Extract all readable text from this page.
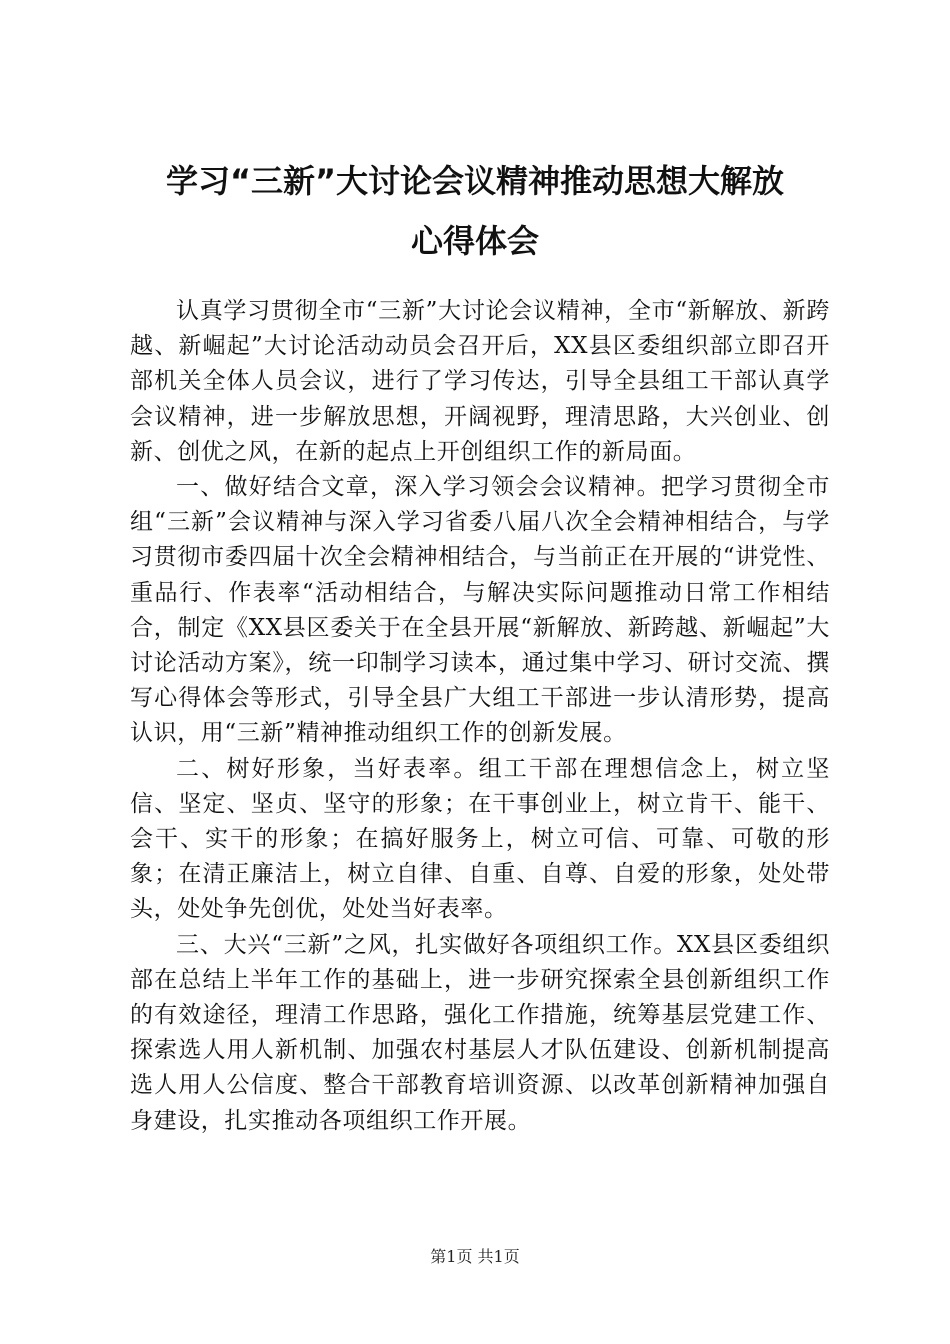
学习“三新”大讨论会议精神推动思想大解放
心得体会

认真学习贯彻全市“三新”大讨论会议精神，全市“新解放、新跨越、新崛起”大讨论活动动员会召开后，XX县区委组织部立即召开部机关全体人员会议，进行了学习传达，引导全县组工干部认真学会议精神，进一步解放思想，开阔视野，理清思路，大兴创业、创新、创优之风，在新的起点上开创组织工作的新局面。

一、做好结合文章，深入学习领会会议精神。把学习贯彻全市组“三新”会议精神与深入学习省委八届八次全会精神相结合，与学习贯彻市委四届十次全会精神相结合，与当前正在开展的“讲党性、重品行、作表率“活动相结合，与解决实际问题推动日常工作相结合，制定《XX县区委关于在全县开展“新解放、新跨越、新崛起”大讨论活动方案》，统一印制学习读本，通过集中学习、研讨交流、撰写心得体会等形式，引导全县广大组工干部进一步认清形势，提高认识，用“三新”精神推动组织工作的创新发展。

二、树好形象，当好表率。组工干部在理想信念上，树立坚信、坚定、坚贞、坚守的形象；在干事创业上，树立肯干、能干、会干、实干的形象；在搞好服务上，树立可信、可靠、可敬的形象；在清正廉洁上，树立自律、自重、自尊、自爱的形象，处处带头，处处争先创优，处处当好表率。

三、大兴“三新”之风，扎实做好各项组织工作。XX县区委组织部在总结上半年工作的基础上，进一步研究探索全县创新组织工作的有效途径，理清工作思路，强化工作措施，统筹基层党建工作、探索选人用人新机制、加强农村基层人才队伍建设、创新机制提高选人用人公信度、整合干部教育培训资源、以改革创新精神加强自身建设，扎实推动各项组织工作开展。

第1页 共1页
